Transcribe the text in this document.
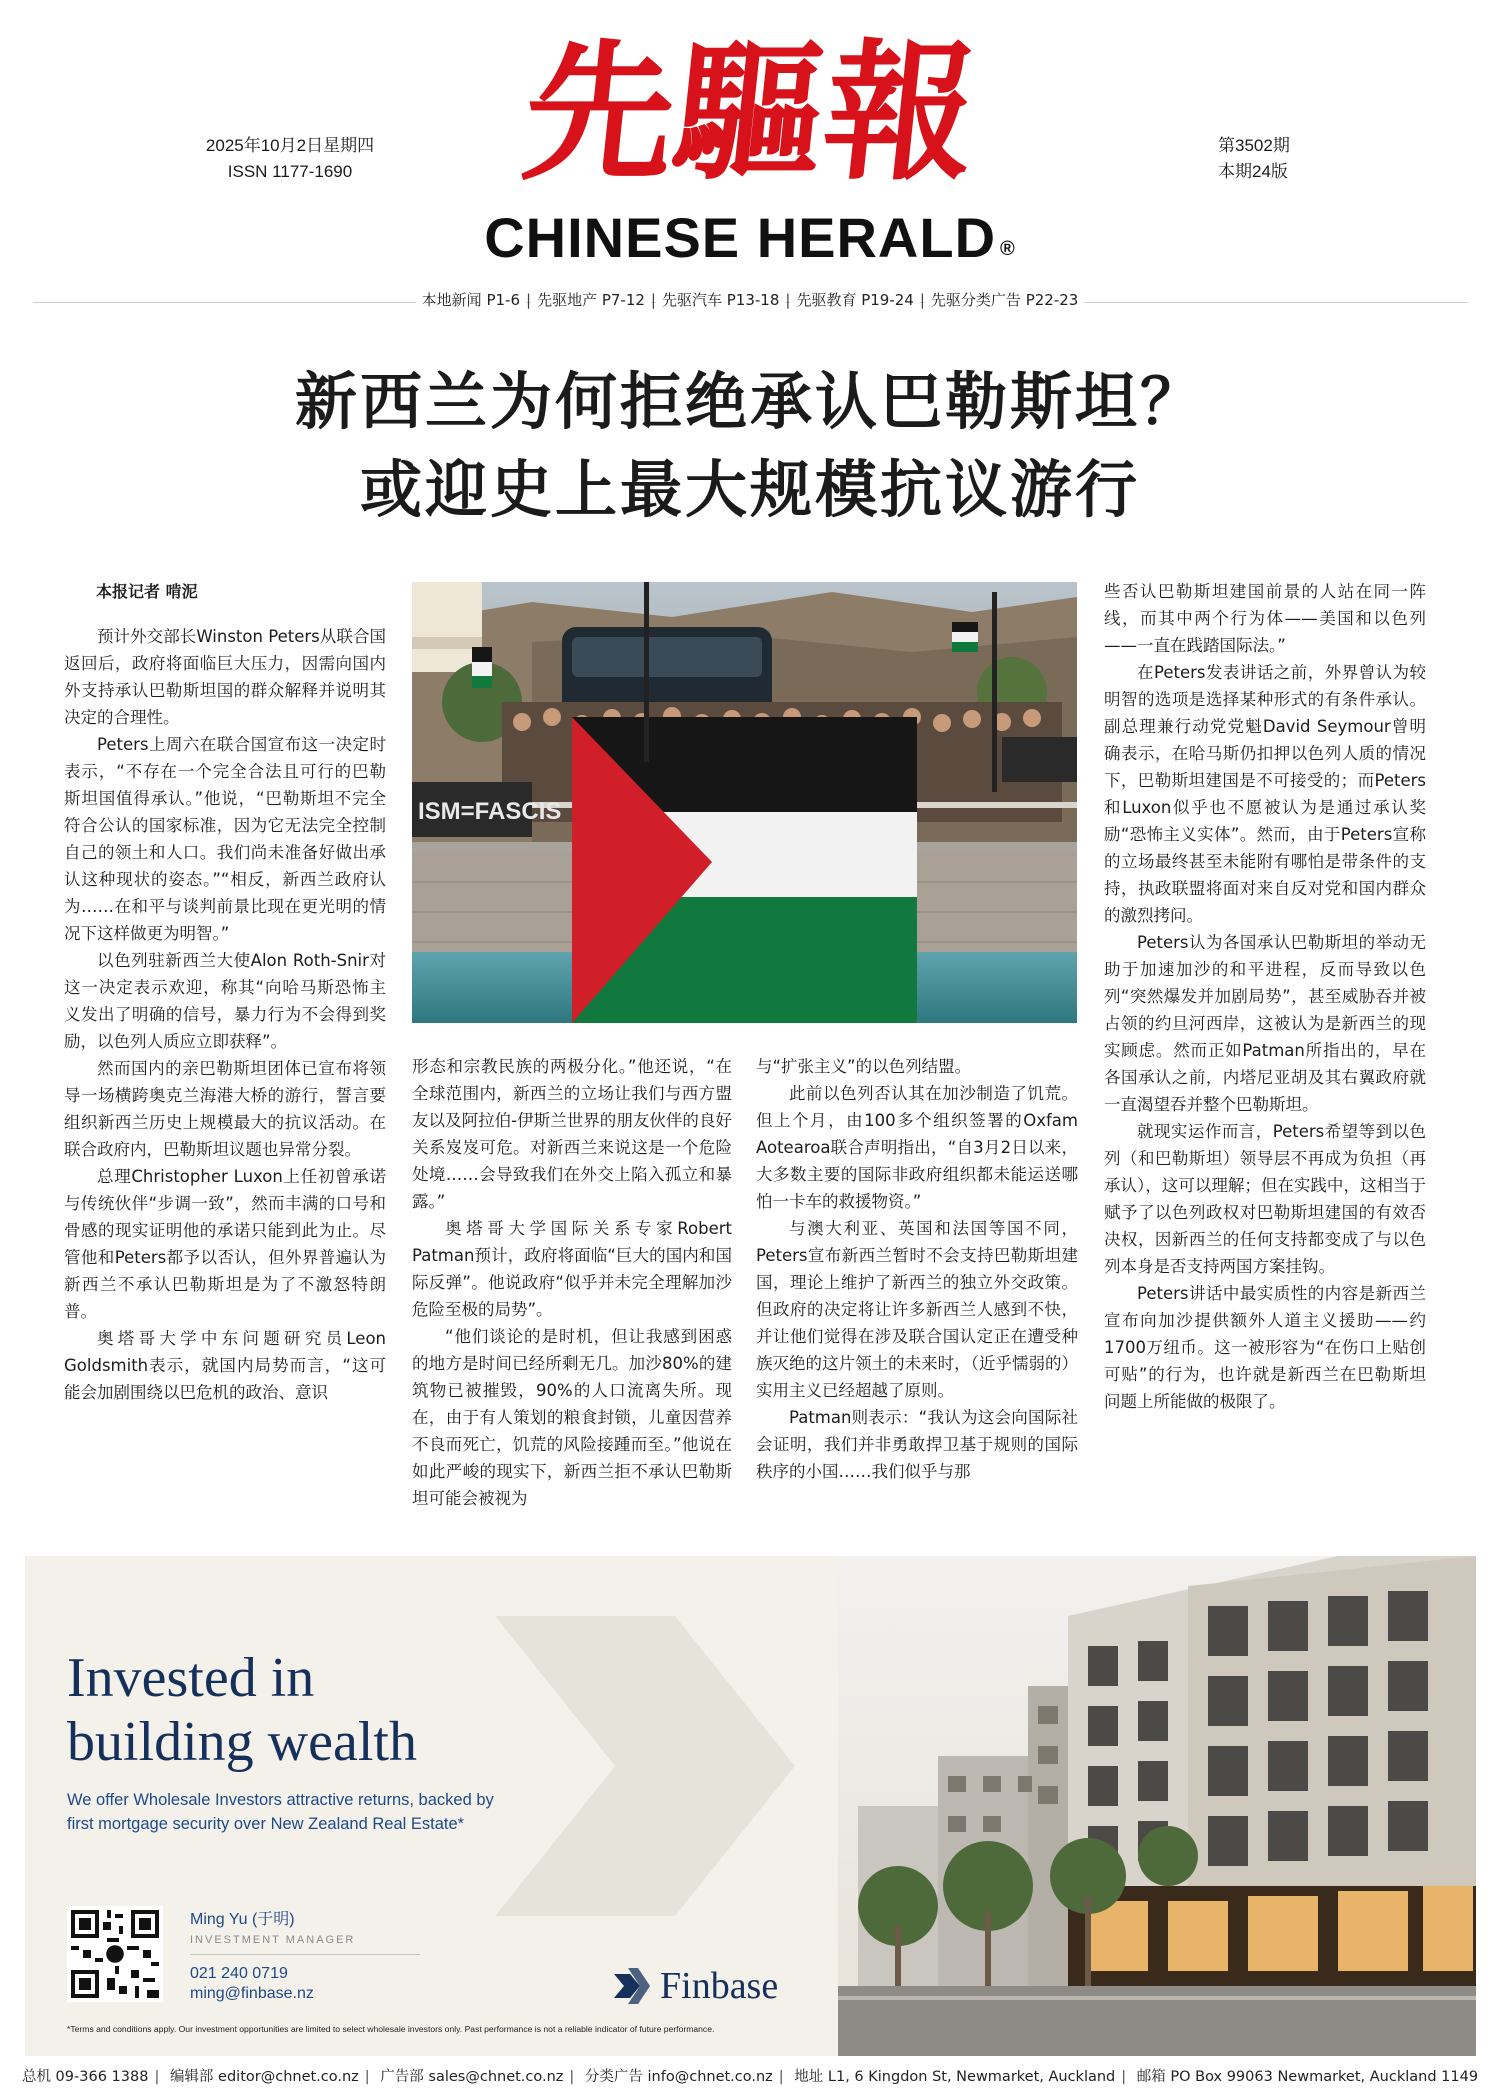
2025年10月2日星期四
ISSN 1177-1690	先驅報	第3502期
本期24版
CHINESE HERALD ®
本地新闻 P1-6 | 先驱地产 P7-12 | 先驱汽车 P13-18 | 先驱教育 P19-24 | 先驱分类广告 P22-23
新西兰为何拒绝承认巴勒斯坦？
或迎史上最大规模抗议游行

本报记者 啃泥

预计外交部长Winston Peters从联合国返回后，政府将面临巨大压力，因需向国内外支持承认巴勒斯坦国的群众解释并说明其决定的合理性。

Peters上周六在联合国宣布这一决定时表示，“不存在一个完全合法且可行的巴勒斯坦国值得承认。”他说，“巴勒斯坦不完全符合公认的国家标准，因为它无法完全控制自己的领土和人口。我们尚未准备好做出承认这种现状的姿态。”“相反，新西兰政府认为……在和平与谈判前景比现在更光明的情况下这样做更为明智。”

以色列驻新西兰大使Alon Roth-Snir对这一决定表示欢迎，称其“向哈马斯恐怖主义发出了明确的信号，暴力行为不会得到奖励，以色列人质应立即获释”。

然而国内的亲巴勒斯坦团体已宣布将领导一场横跨奥克兰海港大桥的游行，誓言要组织新西兰历史上规模最大的抗议活动。在联合政府内，巴勒斯坦议题也异常分裂。

总理Christopher Luxon上任初曾承诺与传统伙伴“步调一致”，然而丰满的口号和骨感的现实证明他的承诺只能到此为止。尽管他和Peters都予以否认，但外界普遍认为新西兰不承认巴勒斯坦是为了不激怒特朗普。

奥塔哥大学中东问题研究员Leon Goldsmith表示，就国内局势而言，“这可能会加剧围绕以巴危机的政治、意识

ISM=FASCIS

形态和宗教民族的两极分化。”他还说，“在全球范围内，新西兰的立场让我们与西方盟友以及阿拉伯-伊斯兰世界的朋友伙伴的良好关系岌岌可危。对新西兰来说这是一个危险处境……会导致我们在外交上陷入孤立和暴露。”

奥塔哥大学国际关系专家Robert Patman预计，政府将面临“巨大的国内和国际反弹”。他说政府“似乎并未完全理解加沙危险至极的局势”。

“他们谈论的是时机，但让我感到困惑的地方是时间已经所剩无几。加沙80%的建筑物已被摧毁，90%的人口流离失所。现在，由于有人策划的粮食封锁，儿童因营养不良而死亡，饥荒的风险接踵而至。”他说在如此严峻的现实下，新西兰拒不承认巴勒斯坦可能会被视为

与“扩张主义”的以色列结盟。

此前以色列否认其在加沙制造了饥荒。但上个月，由100多个组织签署的Oxfam Aotearoa联合声明指出，“自3月2日以来，大多数主要的国际非政府组织都未能运送哪怕一卡车的救援物资。”

与澳大利亚、英国和法国等国不同，Peters宣布新西兰暂时不会支持巴勒斯坦建国，理论上维护了新西兰的独立外交政策。但政府的决定将让许多新西兰人感到不快，并让他们觉得在涉及联合国认定正在遭受种族灭绝的这片领土的未来时，（近乎懦弱的）实用主义已经超越了原则。

Patman则表示：“我认为这会向国际社会证明，我们并非勇敢捍卫基于规则的国际秩序的小国……我们似乎与那

些否认巴勒斯坦建国前景的人站在同一阵线，而其中两个行为体——美国和以色列——一直在践踏国际法。”

在Peters发表讲话之前，外界曾认为较明智的选项是选择某种形式的有条件承认。副总理兼行动党党魁David Seymour曾明确表示，在哈马斯仍扣押以色列人质的情况下，巴勒斯坦建国是不可接受的；而Peters和Luxon似乎也不愿被认为是通过承认奖励“恐怖主义实体”。然而，由于Peters宣称的立场最终甚至未能附有哪怕是带条件的支持，执政联盟将面对来自反对党和国内群众的激烈拷问。

Peters认为各国承认巴勒斯坦的举动无助于加速加沙的和平进程，反而导致以色列“突然爆发并加剧局势”，甚至威胁吞并被占领的约旦河西岸，这被认为是新西兰的现实顾虑。然而正如Patman所指出的，早在各国承认之前，内塔尼亚胡及其右翼政府就一直渴望吞并整个巴勒斯坦。

就现实运作而言，Peters希望等到以色列（和巴勒斯坦）领导层不再成为负担（再承认），这可以理解；但在实践中，这相当于赋予了以色列政权对巴勒斯坦建国的有效否决权，因新西兰的任何支持都变成了与以色列本身是否支持两国方案挂钩。

Peters讲话中最实质性的内容是新西兰宣布向加沙提供额外人道主义援助——约1700万纽币。这一被形容为“在伤口上贴创可贴”的行为，也许就是新西兰在巴勒斯坦问题上所能做的极限了。

Invested in
building wealth
We offer Wholesale Investors attractive returns, backed by
first mortgage security over New Zealand Real Estate*
Ming Yu (于明)
INVESTMENT MANAGER
021 240 0719
ming@finbase.nz	Finbase
*Terms and conditions apply. Our investment opportunities are limited to select wholesale investors only. Past performance is not a reliable indicator of future performance.
总机 09-366 1388 | 编辑部 editor@chnet.co.nz | 广告部 sales@chnet.co.nz | 分类广告 info@chnet.co.nz | 地址 L1, 6 Kingdon St, Newmarket, Auckland | 邮箱 PO Box 99063 Newmarket, Auckland 1149
